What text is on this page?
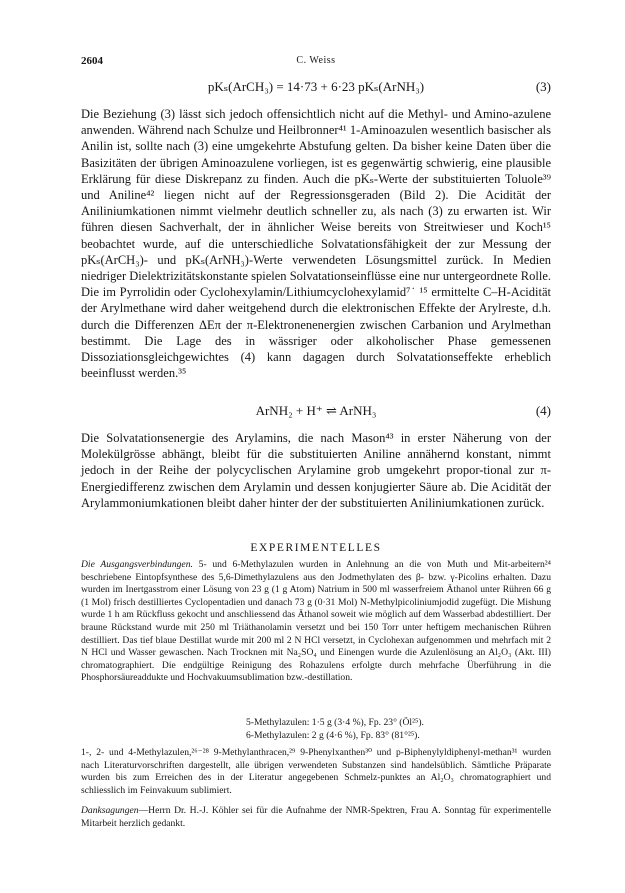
2604	C. Weiss
pKₛ(ArCH₃) = 14·73 + 6·23 pKₛ(ArNH₃)	(3)

Die Beziehung (3) lässt sich jedoch offensichtlich nicht auf die Methyl- und Amino-azulene anwenden. Während nach Schulze und Heilbronner⁴¹ 1-Aminoazulen wesentlich basischer als Anilin ist, sollte nach (3) eine umgekehrte Abstufung gelten. Da bisher keine Daten über die Basizitäten der übrigen Aminoazulene vorliegen, ist es gegenwärtig schwierig, eine plausible Erklärung für diese Diskrepanz zu finden. Auch die pKₛ-Werte der substituierten Toluole³⁹ und Aniline⁴² liegen nicht auf der Regressionsgeraden (Bild 2). Die Acidität der Aniliniumkationen nimmt vielmehr deutlich schneller zu, als nach (3) zu erwarten ist. Wir führen diesen Sachverhalt, der in ähnlicher Weise bereits von Streitwieser und Koch¹⁵ beobachtet wurde, auf die unterschiedliche Solvatationsfähigkeit der zur Messung der pKₛ(ArCH₃)- und pKₛ(ArNH₃)-Werte verwendeten Lösungsmittel zurück. In Medien niedriger Dielektrizitätskonstante spielen Solvatationseinflüsse eine nur untergeordnete Rolle. Die im Pyrrolidin oder Cyclohexylamin/Lithiumcyclohexylamid⁷˙ ¹⁵ ermittelte C–H-Acidität der Arylmethane wird daher weitgehend durch die elektronischen Effekte der Arylreste, d.h. durch die Differenzen ΔEπ der π-Elektronenenergien zwischen Carbanion und Arylmethan bestimmt. Die Lage des in wässriger oder alkoholischer Phase gemessenen Dissoziationsgleichgewichtes (4) kann dagagen durch Solvatationseffekte erheblich beeinflusst werden.³⁵

ArNH₂ + H⁺ ⇌ ArNH₃	(4)

Die Solvatationsenergie des Arylamins, die nach Mason⁴³ in erster Näherung von der Molekülgrösse abhängt, bleibt für die substituierten Aniline annähernd konstant, nimmt jedoch in der Reihe der polycyclischen Arylamine grob umgekehrt propor-tional zur π-Energiedifferenz zwischen dem Arylamin und dessen konjugierter Säure ab. Die Acidität der Arylammoniumkationen bleibt daher hinter der der substituierten Aniliniumkationen zurück.

EXPERIMENTELLES

Die Ausgangsverbindungen. 5- und 6-Methylazulen wurden in Anlehnung an die von Muth und Mit-arbeitern²⁴ beschriebene Eintopfsynthese des 5,6-Dimethylazulens aus den Jodmethylaten des β- bzw. γ-Picolins erhalten. Dazu wurden im Inertgasstrom einer Lösung von 23 g (1 g Atom) Natrium in 500 ml wasserfreiem Äthanol unter Rühren 66 g (1 Mol) frisch destilliertes Cyclopentadien und danach 73 g (0·31 Mol) N-Methylpicoliniumjodid zugefügt. Die Mishung wurde 1 h am Rückfluss gekocht und anschliessend das Äthanol soweit wie möglich auf dem Wasserbad abdestilliert. Der braune Rückstand wurde mit 250 ml Triäthanolamin versetzt und bei 150 Torr unter heftigem mechanischen Rühren destilliert. Das tief blaue Destillat wurde mit 200 ml 2 N HCl versetzt, in Cyclohexan aufgenommen und mehrfach mit 2 N HCl und Wasser gewaschen. Nach Trocknen mit Na₂SO₄ und Einengen wurde die Azulenlösung an Al₂O₃ (Akt. III) chromatographiert. Die endgültige Reinigung des Rohazulens erfolgte durch mehrfache Überführung in die Phosphorsäureaddukte und Hochvakuumsublimation bzw.-destillation.

5-Methylazulen: 1·5 g (3·4 %), Fp. 23° (Öl²⁵).
6-Methylazulen: 2 g (4·6 %), Fp. 83° (81°²⁵).

1-, 2- und 4-Methylazulen,²⁶⁻²⁸ 9-Methylanthracen,²⁹ 9-Phenylxanthen³⁰ und p-Biphenylyldiphenyl-methan³¹ wurden nach Literaturvorschriften dargestellt, alle übrigen verwendeten Substanzen sind handelsüblich. Sämtliche Präparate wurden bis zum Erreichen des in der Literatur angegebenen Schmelz-punktes an Al₂O₃ chromatographiert und schliesslich im Feinvakuum sublimiert.

Danksagungen—Herrn Dr. H.-J. Köhler sei für die Aufnahme der NMR-Spektren, Frau A. Sonntag für experimentelle Mitarbeit herzlich gedankt.
